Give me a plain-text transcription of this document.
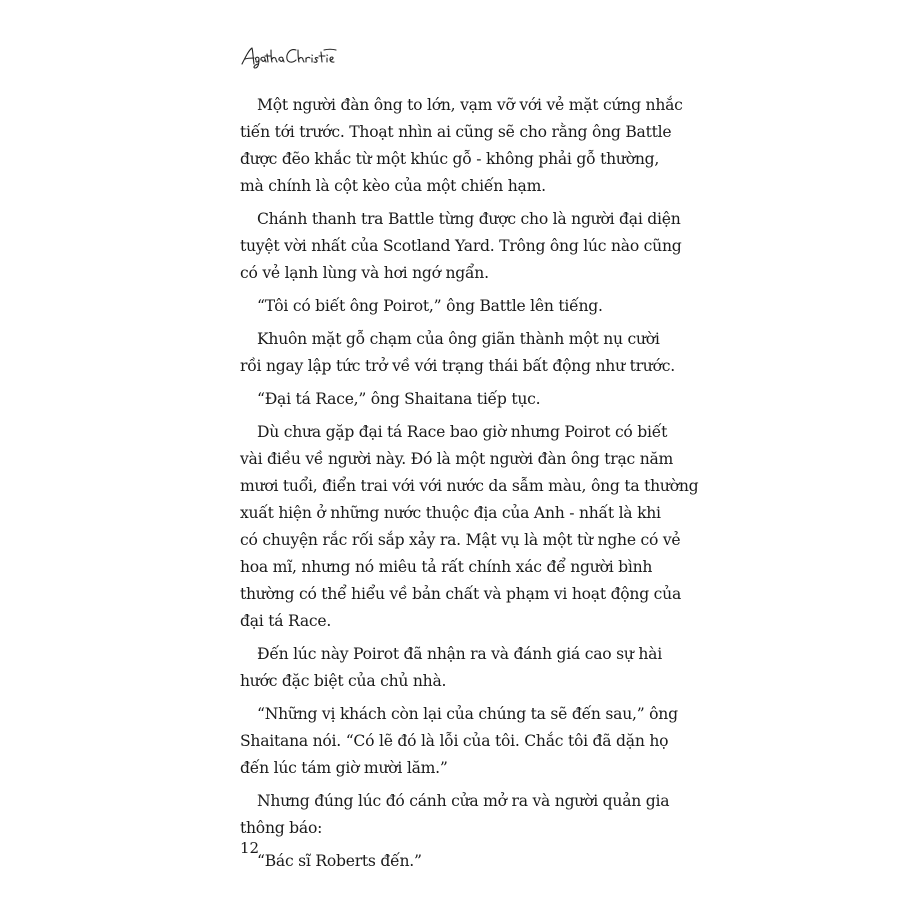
Một người đàn ông to lớn, vạm vỡ với vẻ mặt cứng nhắc
tiến tới trước. Thoạt nhìn ai cũng sẽ cho rằng ông Battle
được đẽo khắc từ một khúc gỗ - không phải gỗ thường,
mà chính là cột kèo của một chiến hạm.

Chánh thanh tra Battle từng được cho là người đại diện
tuyệt vời nhất của Scotland Yard. Trông ông lúc nào cũng
có vẻ lạnh lùng và hơi ngớ ngẩn.

“Tôi có biết ông Poirot,” ông Battle lên tiếng.

Khuôn mặt gỗ chạm của ông giãn thành một nụ cười
rồi ngay lập tức trở về với trạng thái bất động như trước.

“Đại tá Race,” ông Shaitana tiếp tục.

Dù chưa gặp đại tá Race bao giờ nhưng Poirot có biết
vài điều về người này. Đó là một người đàn ông trạc năm
mươi tuổi, điển trai với với nước da sẫm màu, ông ta thường
xuất hiện ở những nước thuộc địa của Anh - nhất là khi
có chuyện rắc rối sắp xảy ra. Mật vụ là một từ nghe có vẻ
hoa mĩ, nhưng nó miêu tả rất chính xác để người bình
thường có thể hiểu về bản chất và phạm vi hoạt động của
đại tá Race.

Đến lúc này Poirot đã nhận ra và đánh giá cao sự hài
hước đặc biệt của chủ nhà.

“Những vị khách còn lại của chúng ta sẽ đến sau,” ông
Shaitana nói. “Có lẽ đó là lỗi của tôi. Chắc tôi đã dặn họ
đến lúc tám giờ mười lăm.”

Nhưng đúng lúc đó cánh cửa mở ra và người quản gia
thông báo:

“Bác sĩ Roberts đến.”

12
